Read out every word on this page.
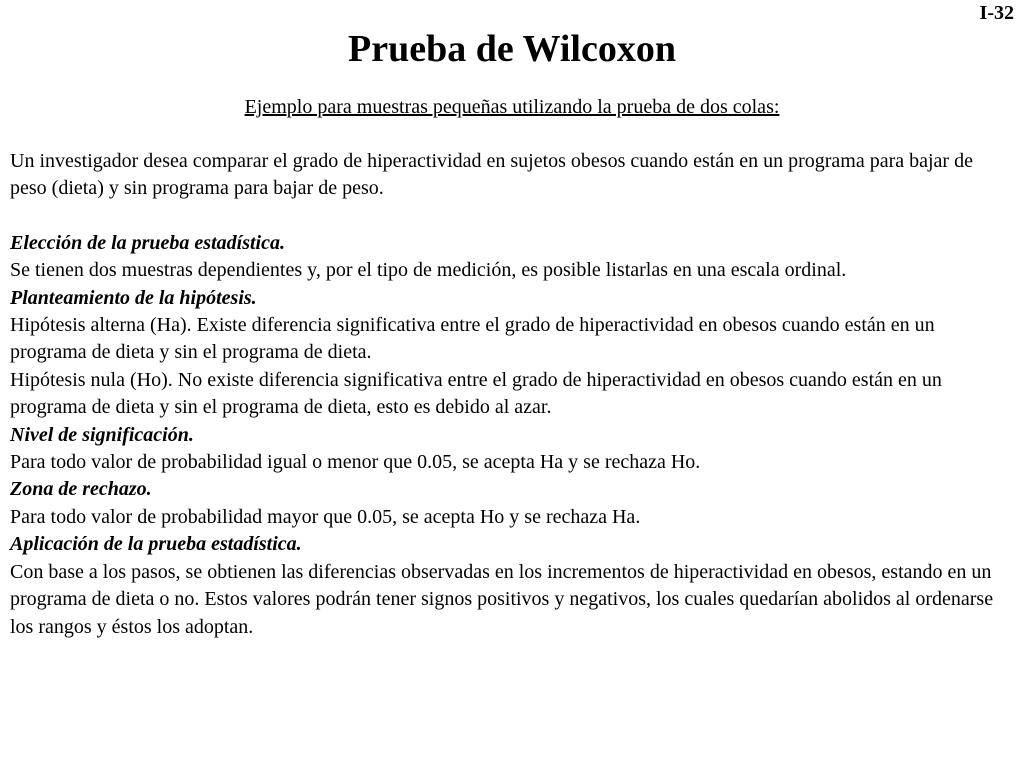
I-32
Prueba de Wilcoxon
Ejemplo para muestras pequeñas utilizando la prueba de dos colas:

Un investigador desea comparar el grado de hiperactividad en sujetos obesos cuando están en un programa para bajar de peso (dieta) y sin programa para bajar de peso.

Elección de la prueba estadística.

Se tienen dos muestras dependientes y, por el tipo de medición, es posible listarlas en una escala ordinal.

Planteamiento de la hipótesis.

Hipótesis alterna (Ha). Existe diferencia significativa entre el grado de hiperactividad en obesos cuando están en un programa de dieta y sin el programa de dieta.

Hipótesis nula (Ho). No existe diferencia significativa entre el grado de hiperactividad en obesos cuando están en un programa de dieta y sin el programa de dieta, esto es debido al azar.

Nivel de significación.

Para todo valor de probabilidad igual o menor que 0.05, se acepta Ha y se rechaza Ho.

Zona de rechazo.

Para todo valor de probabilidad mayor que 0.05, se acepta Ho y se rechaza Ha.

Aplicación de la prueba estadística.

Con base a los pasos, se obtienen las diferencias observadas en los incrementos de hiperactividad en obesos, estando en un programa de dieta o no. Estos valores podrán tener signos positivos y negativos, los cuales quedarían abolidos al ordenarse los rangos y éstos los adoptan.
